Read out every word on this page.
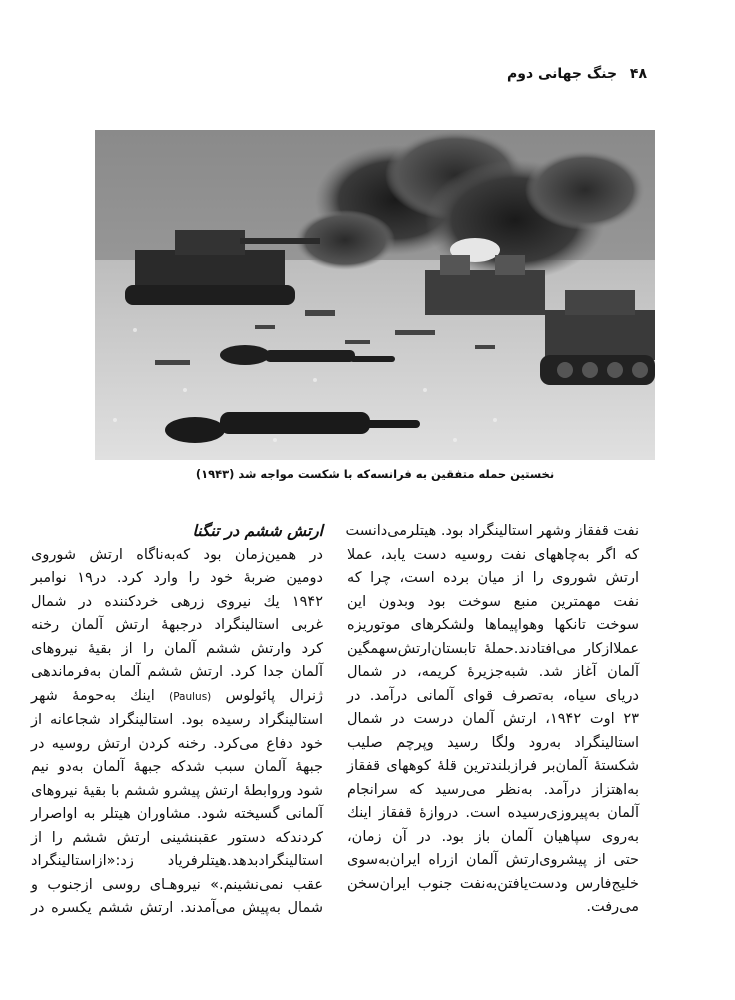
۴۸ جنگ جهانی دوم
نخستین حمله متفقین به فرانسه‌که با شکست مواجه شد (۱۹۴۳)
نفت قفقاز وشهر استالینگراد بود. هیتلرمی‌دانست
که اگر به‌چاههای نفت روسیه دست یابد، عملا
ارتش شوروی را از میان برده است، چرا که
نفت مهمترین منبع سوخت بود وبدون این
سوخت تانکها وهواپیماها ولشکرهای موتوریزه
عملاازکار می‌افتادند.حملهٔ تابستان‌ارتش‌سهمگین
آلمان آغاز شد. شبه‌جزیرهٔ کریمه، در شمال
دریای سیاه، به‌تصرف قوای آلمانی درآمد. در
۲۳ اوت ۱۹۴۲، ارتش آلمان درست در شمال
استالینگراد به‌رود ولگا رسید وپرچم صلیب
شکستهٔ آلمان‌بر فرازبلندترین قلهٔ کوههای قفقاز
به‌اهتزاز درآمد. به‌نظر می‌رسید که سرانجام
آلمان به‌پیروزی‌رسیده است. دروازهٔ قفقاز اینك
به‌روی سپاهیان آلمان باز بود. در آن زمان،
حتی از پیشروی‌ارتش آلمان ازراه ایران‌به‌سوی
خلیج‌فارس ودست‌یافتن‌به‌نفت جنوب ایران‌سخن
می‌رفت.

ارتش ششم در تنگنا

در همین‌زمان بود که‌به‌ناگاه ارتش شوروی
دومین ضربهٔ خود را وارد کرد. در۱۹ نوامبر
۱۹۴۲ یك نیروی زرهی خردکننده در شمال
غربی استالینگراد درجبههٔ ارتش آلمان رخنه
کرد وارتش ششم آلمان را از بقیهٔ نیروهای
آلمان جدا کرد. ارتش ششم آلمان به‌فرماندهی
ژنرال پائولوس (Paulus) اینك به‌حومهٔ شهر
استالینگراد رسیده بود. استالینگراد شجاعانه از
خود دفاع می‌کرد. رخنه کردن ارتش روسیه در
جبههٔ آلمان سبب شدکه جبههٔ آلمان به‌دو نیم
شود وروابطهٔ ارتش پیشرو ششم با بقیهٔ نیروهای
آلمانی گسیخته شود. مشاوران هیتلر به اواصرار
کردندکه دستور عقبنشینی ارتش ششم را از
استالینگرادبدهد.هیتلرفریاد زد:«ازاستالینگراد
عقب نمی‌نشینم.» نیروهـای روسی ازجنوب و
شمال به‌پیش می‌آمدند. ارتش ششم یکسره در
